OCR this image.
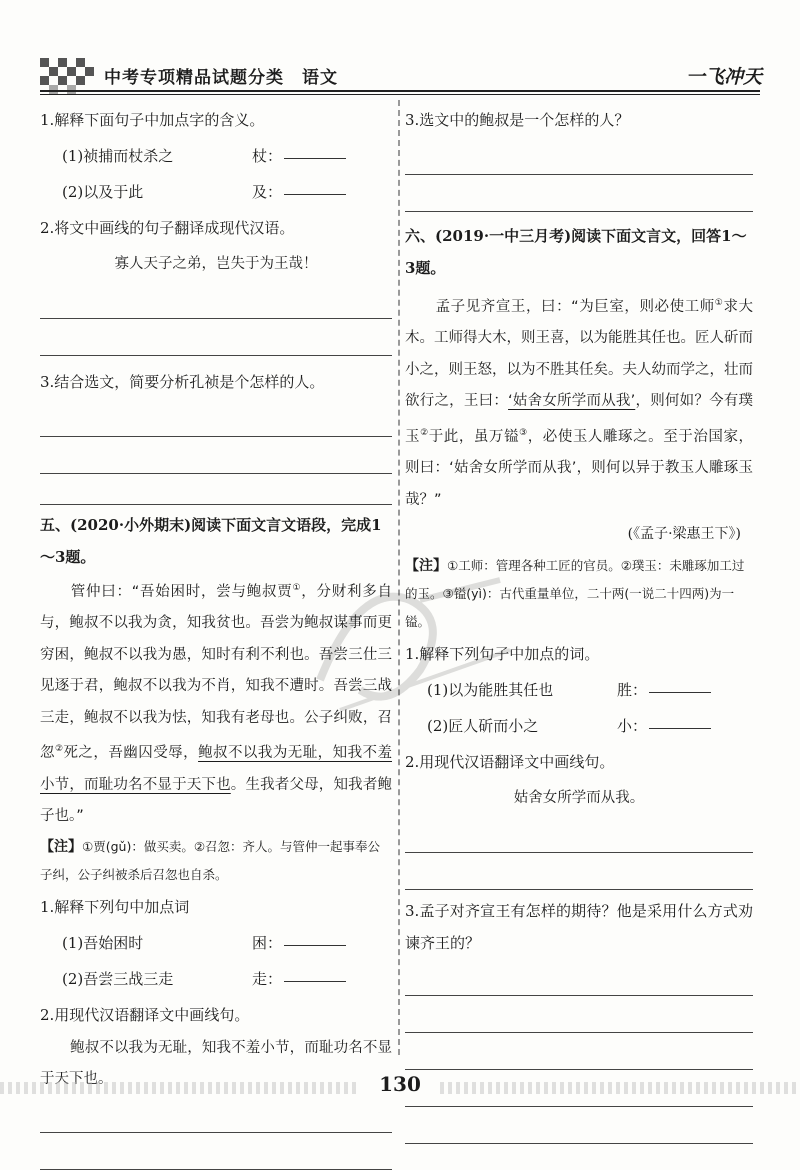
中考专项精品试题分类 语文	一飞冲天
1.解释下面句子中加点字的含义。
(1)祯捕而杖杀之	杖：
(2)以及于此	及：
2.将文中画线的句子翻译成现代汉语。
寡人天子之弟，岂失于为王哉！
3.结合选文，简要分析孔祯是个怎样的人。
五、(2020·小外期末)阅读下面文言文语段，完成1～3题。
管仲曰：“吾始困时，尝与鲍叔贾①，分财利多自与，鲍叔不以我为贪，知我贫也。吾尝为鲍叔谋事而更穷困，鲍叔不以我为愚，知时有利不利也。吾尝三仕三见逐于君，鲍叔不以我为不肖，知我不遭时。吾尝三战三走，鲍叔不以我为怯，知我有老母也。公子纠败，召忽②死之，吾幽囚受辱，鲍叔不以我为无耻，知我不羞小节，而耻功名不显于天下也。生我者父母，知我者鲍子也。”
【注】①贾(gǔ)：做买卖。②召忽：齐人。与管仲一起事奉公子纠，公子纠被杀后召忽也自杀。
1.解释下列句中加点词
(1)吾始困时	困：
(2)吾尝三战三走	走：
2.用现代汉语翻译文中画线句。
鲍叔不以我为无耻，知我不羞小节，而耻功名不显于天下也。
3.选文中的鲍叔是一个怎样的人？
六、(2019·一中三月考)阅读下面文言文，回答1～3题。
孟子见齐宣王，曰：“为巨室，则必使工师①求大木。工师得大木，则王喜，以为能胜其任也。匠人斫而小之，则王怒，以为不胜其任矣。夫人幼而学之，壮而欲行之，王曰：‘姑舍女所学而从我’，则何如？今有璞玉②于此，虽万镒③，必使玉人雕琢之。至于治国家，则曰：‘姑舍女所学而从我’，则何以异于教玉人雕琢玉哉？”
(《孟子·梁惠王下》)
【注】①工师：管理各种工匠的官员。②璞玉：未雕琢加工过的玉。③镒(yì)：古代重量单位，二十两(一说二十四两)为一镒。
1.解释下列句子中加点的词。
(1)以为能胜其任也	胜：
(2)匠人斫而小之	小：
2.用现代汉语翻译文中画线句。
姑舍女所学而从我。
3.孟子对齐宣王有怎样的期待？他是采用什么方式劝谏齐王的？
130
